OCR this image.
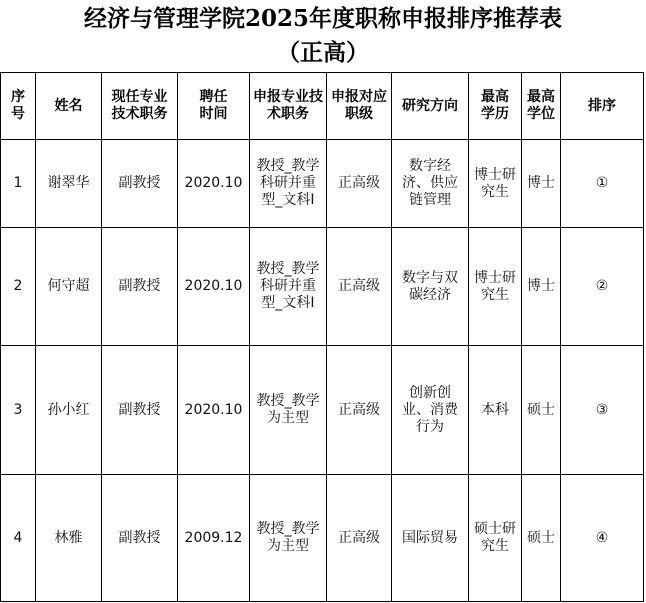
经济与管理学院2025年度职称申报排序推荐表
（正高）
序号	姓名	现任专业技术职务	聘任时间	申报专业技术职务	申报对应职级	研究方向	最高学历	最高学位	排序

1	谢翠华	副教授	2020.10	教授_教学科研并重型_文科Ⅰ	正高级	数字经济、供应链管理	博士研究生	博士	①
2	何守超	副教授	2020.10	教授_教学科研并重型_文科Ⅰ	正高级	数字与双碳经济	博士研究生	博士	②
3	孙小红	副教授	2020.10	教授_教学为主型	正高级	创新创业、消费行为	本科	硕士	③
4	林雅	副教授	2009.12	教授_教学为主型	正高级	国际贸易	硕士研究生	硕士	④
